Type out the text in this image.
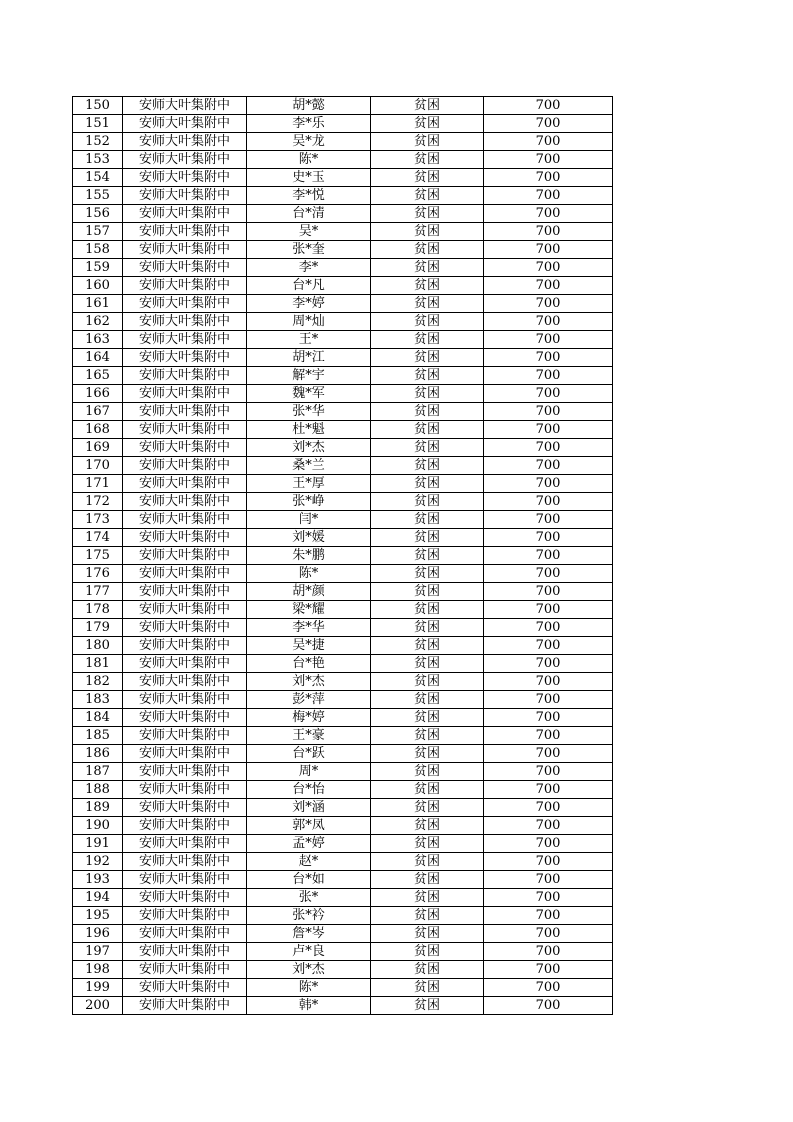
150	安师大叶集附中	胡*懿	贫困	700
151	安师大叶集附中	李*乐	贫困	700
152	安师大叶集附中	吴*龙	贫困	700
153	安师大叶集附中	陈*	贫困	700
154	安师大叶集附中	史*玉	贫困	700
155	安师大叶集附中	李*悦	贫困	700
156	安师大叶集附中	台*清	贫困	700
157	安师大叶集附中	吴*	贫困	700
158	安师大叶集附中	张*奎	贫困	700
159	安师大叶集附中	李*	贫困	700
160	安师大叶集附中	台*凡	贫困	700
161	安师大叶集附中	李*婷	贫困	700
162	安师大叶集附中	周*灿	贫困	700
163	安师大叶集附中	王*	贫困	700
164	安师大叶集附中	胡*江	贫困	700
165	安师大叶集附中	解*宇	贫困	700
166	安师大叶集附中	魏*军	贫困	700
167	安师大叶集附中	张*华	贫困	700
168	安师大叶集附中	杜*魁	贫困	700
169	安师大叶集附中	刘*杰	贫困	700
170	安师大叶集附中	桑*兰	贫困	700
171	安师大叶集附中	王*厚	贫困	700
172	安师大叶集附中	张*峥	贫困	700
173	安师大叶集附中	闫*	贫困	700
174	安师大叶集附中	刘*媛	贫困	700
175	安师大叶集附中	朱*鹏	贫困	700
176	安师大叶集附中	陈*	贫困	700
177	安师大叶集附中	胡*颜	贫困	700
178	安师大叶集附中	梁*耀	贫困	700
179	安师大叶集附中	李*华	贫困	700
180	安师大叶集附中	吴*捷	贫困	700
181	安师大叶集附中	台*艳	贫困	700
182	安师大叶集附中	刘*杰	贫困	700
183	安师大叶集附中	彭*萍	贫困	700
184	安师大叶集附中	梅*婷	贫困	700
185	安师大叶集附中	王*豪	贫困	700
186	安师大叶集附中	台*跃	贫困	700
187	安师大叶集附中	周*	贫困	700
188	安师大叶集附中	台*怡	贫困	700
189	安师大叶集附中	刘*涵	贫困	700
190	安师大叶集附中	郭*凤	贫困	700
191	安师大叶集附中	孟*婷	贫困	700
192	安师大叶集附中	赵*	贫困	700
193	安师大叶集附中	台*如	贫困	700
194	安师大叶集附中	张*	贫困	700
195	安师大叶集附中	张*衿	贫困	700
196	安师大叶集附中	詹*岑	贫困	700
197	安师大叶集附中	卢*良	贫困	700
198	安师大叶集附中	刘*杰	贫困	700
199	安师大叶集附中	陈*	贫困	700
200	安师大叶集附中	韩*	贫困	700
